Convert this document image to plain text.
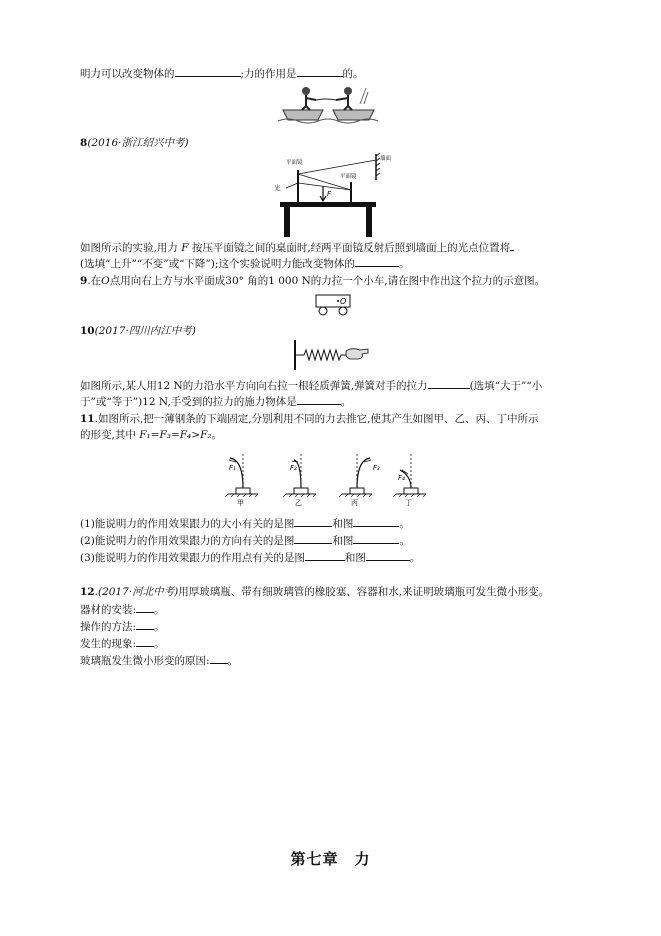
明力可以改变物体的	;力的作用是	的。
8(2016·浙江绍兴中考)
F
光
平面镜
墙面
平面镜
如图所示的实验,用力 F 按压平面镜之间的桌面时,经两平面镜反射后照到墙面上的光点位置将
(选填“上升”“不变”或“下降”);这个实验说明力能改变物体的	。
9.在O点用向右上方与水平面成30° 角的1 000 N的力拉一个小车,请在图中作出这个拉力的示意图。
O
10(2017·四川内江中考)
如图所示,某人用12 N的力沿水平方向向右拉一根轻质弹簧,弹簧对手的拉力	(选填“大于”“小
于”或“等于”)12 N,手受到的拉力的施力物体是	。
11.如图所示,把一薄钢条的下端固定,分别利用不同的力去推它,使其产生如图甲、乙、丙、丁中所示
的形变,其中 F₁=F₃=F₄>F₂。
F₁
甲
F₂
乙
F₃
丙
F₄
丁
(1)能说明力的作用效果跟力的大小有关的是图	和图	。
(2)能说明力的作用效果跟力的方向有关的是图	和图	。
(3)能说明力的作用效果跟力的作用点有关的是图	和图	。
12.(2017·河北中考)用厚玻璃瓶、带有细玻璃管的橡胶塞、容器和水,来证明玻璃瓶可发生微小形变。
器材的安装: 。
操作的方法: 。
发生的现象: 。
玻璃瓶发生微小形变的原因: 。
第七章　力
